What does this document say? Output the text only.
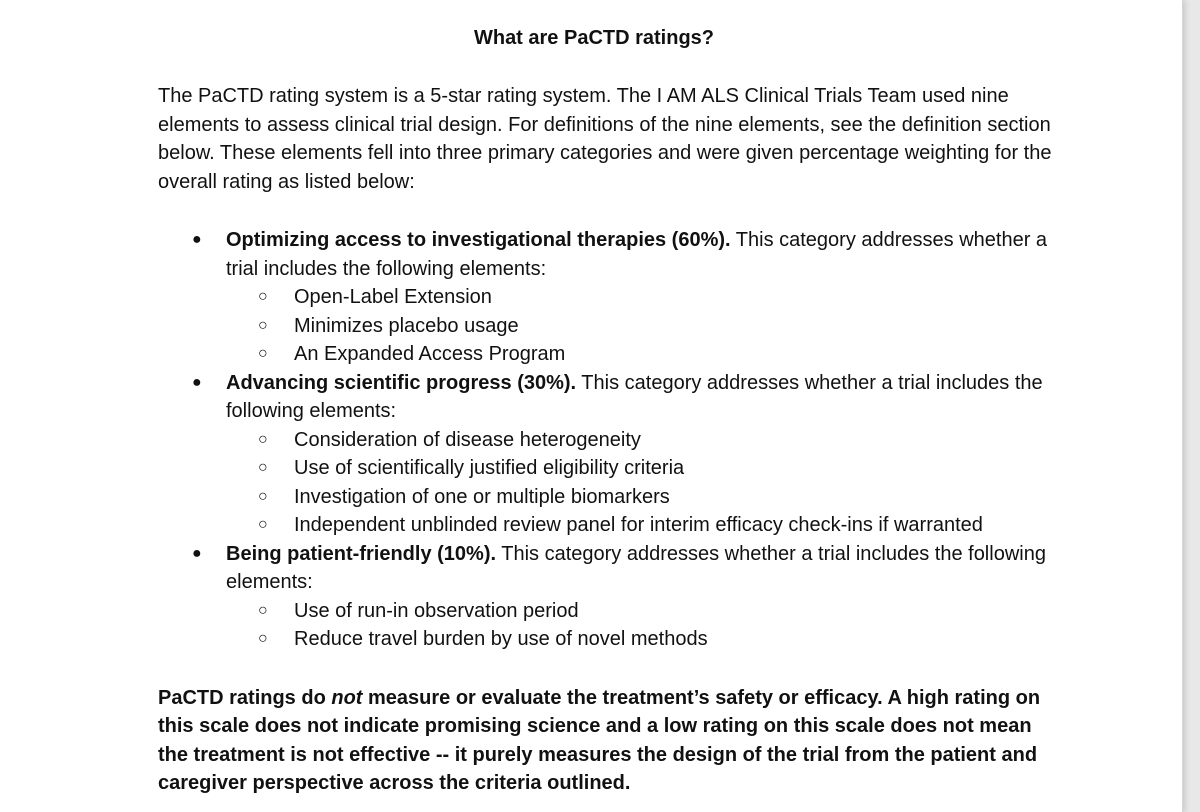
What are PaCTD ratings?

The PaCTD rating system is a 5-star rating system. The I AM ALS Clinical Trials Team used nine elements to assess clinical trial design. For definitions of the nine elements, see the definition section below. These elements fell into three primary categories and were given percentage weighting for the overall rating as listed below:

● Optimizing access to investigational therapies (60%). This category addresses whether a trial includes the following elements:
○ Open-Label Extension
○ Minimizes placebo usage
○ An Expanded Access Program
● Advancing scientific progress (30%). This category addresses whether a trial includes the following elements:
○ Consideration of disease heterogeneity
○ Use of scientifically justified eligibility criteria
○ Investigation of one or multiple biomarkers
○ Independent unblinded review panel for interim efficacy check-ins if warranted
● Being patient-friendly (10%). This category addresses whether a trial includes the following elements:
○ Use of run-in observation period
○ Reduce travel burden by use of novel methods

PaCTD ratings do not measure or evaluate the treatment’s safety or efficacy. A high rating on this scale does not indicate promising science and a low rating on this scale does not mean the treatment is not effective -- it purely measures the design of the trial from the patient and caregiver perspective across the criteria outlined.
